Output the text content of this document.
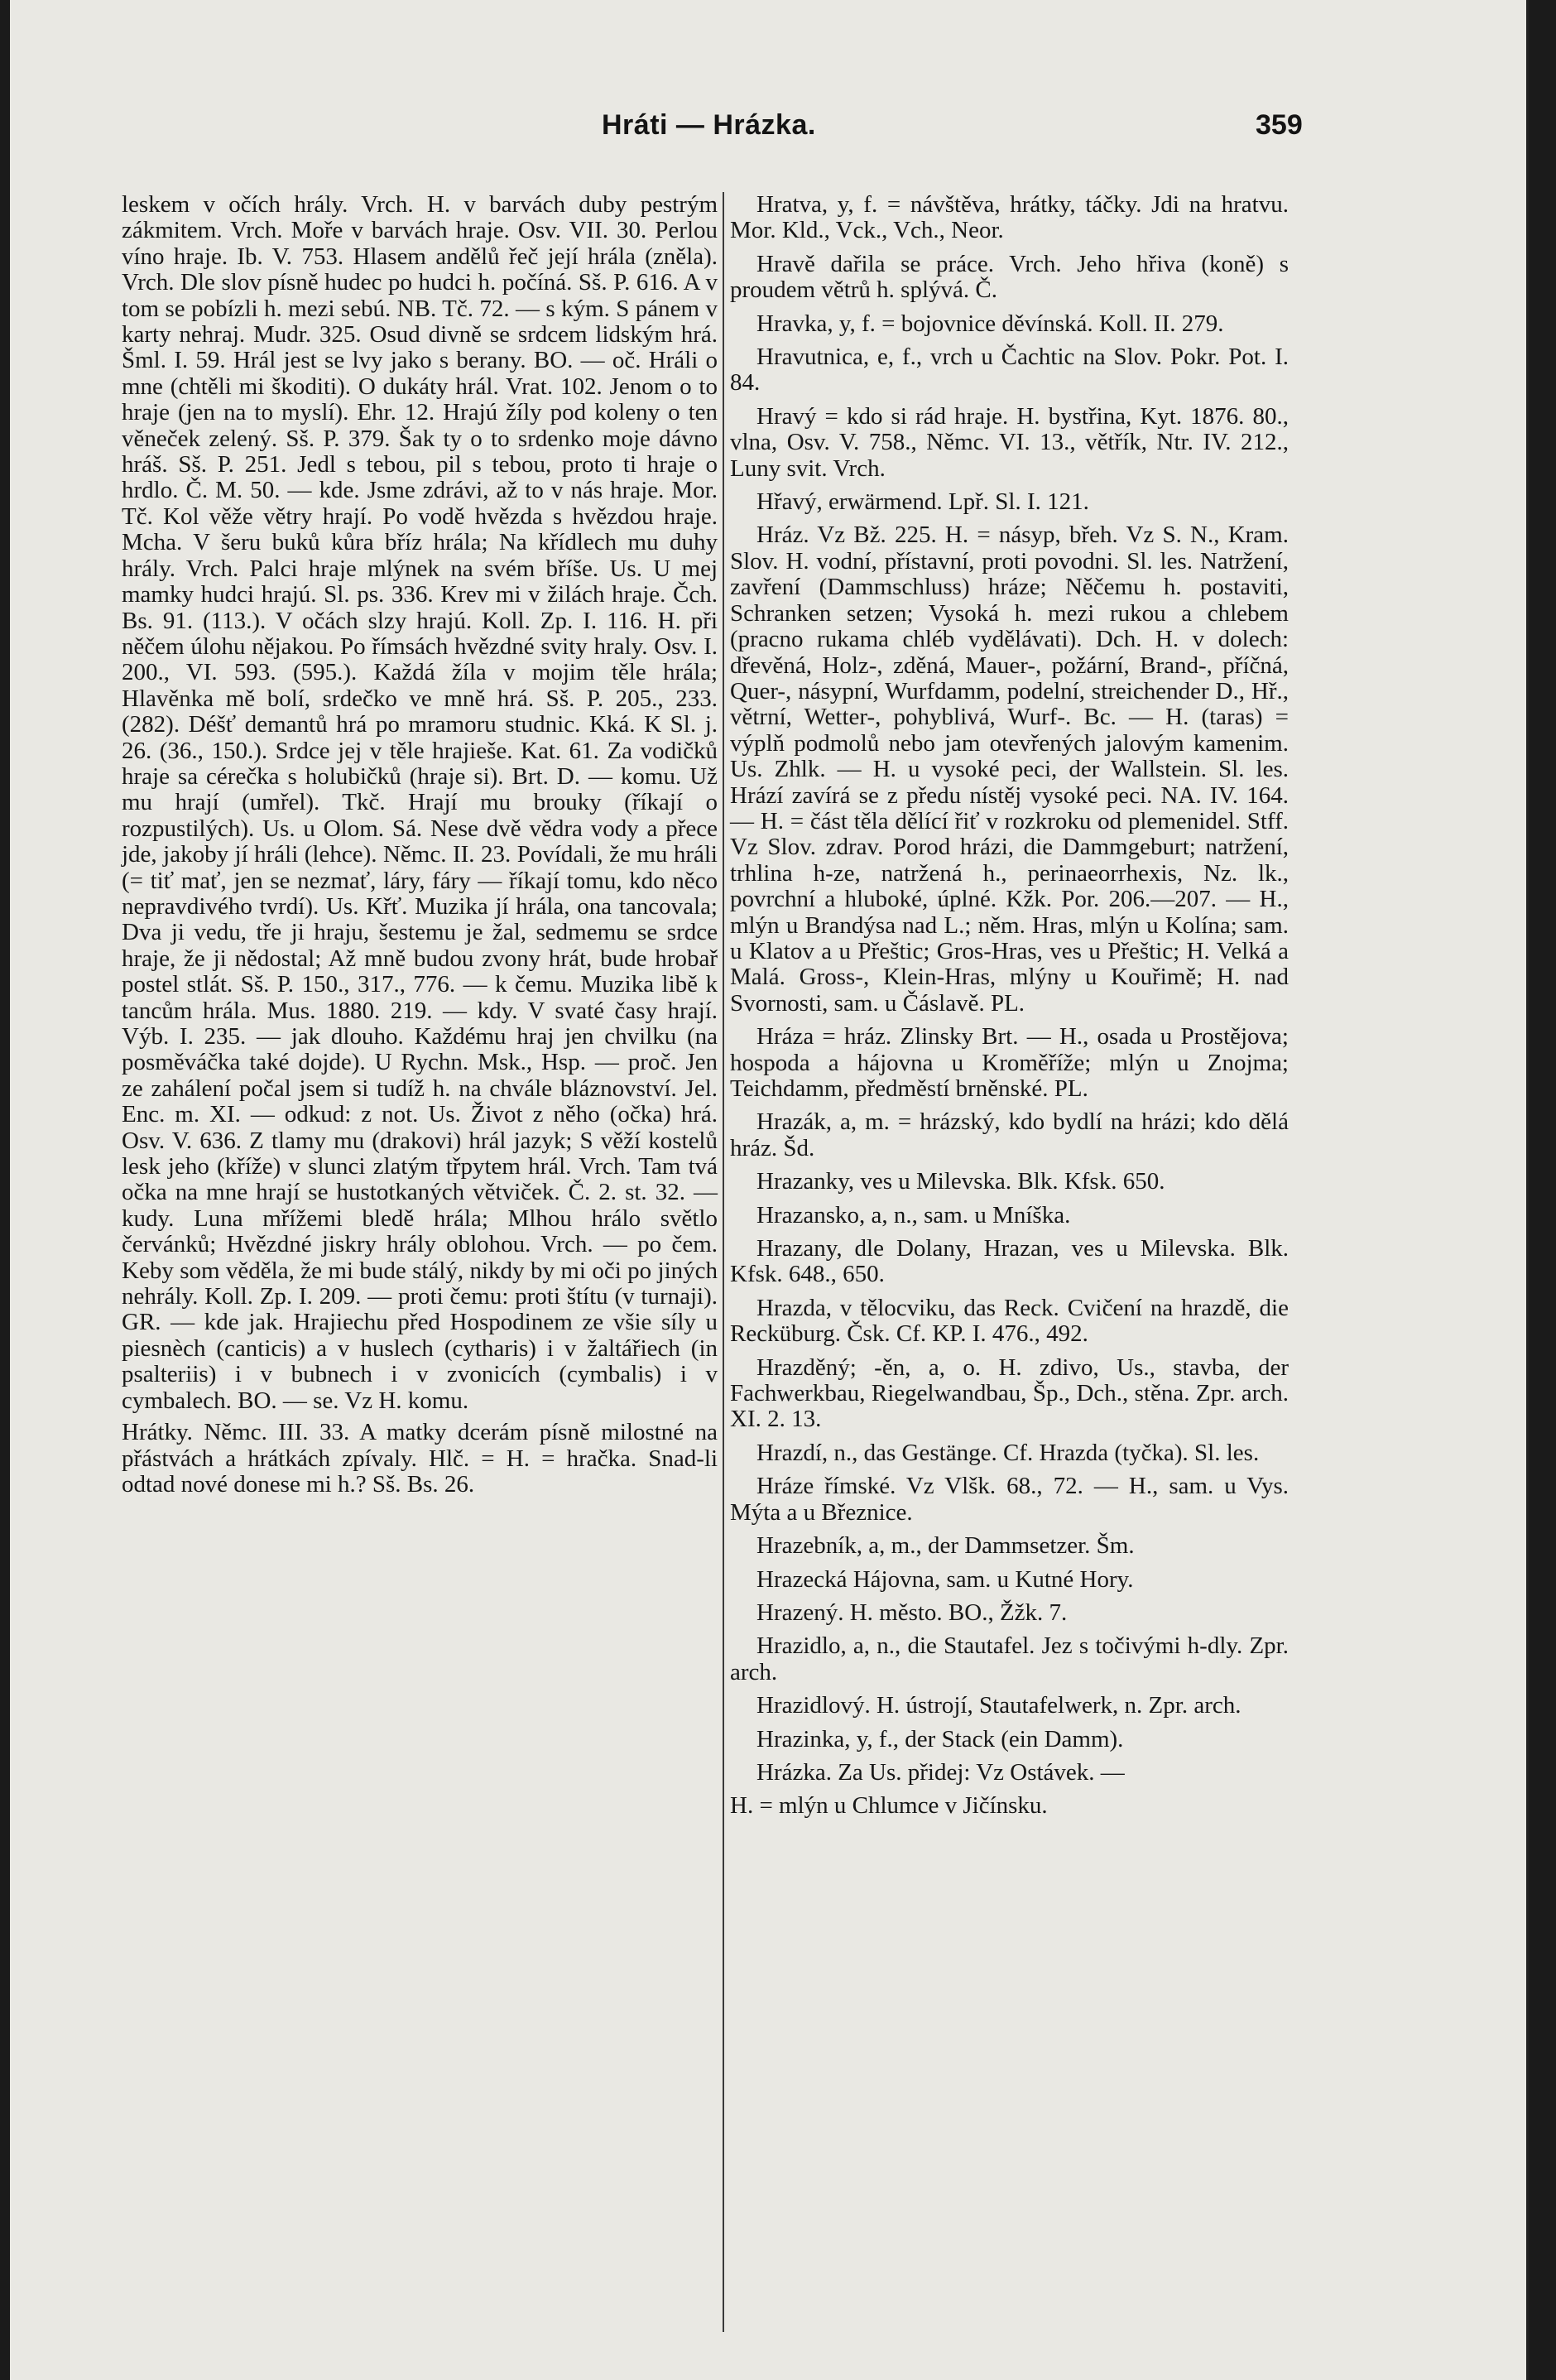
Hráti — Hrázka.	359

leskem v očích hrály. Vrch. H. v barvách duby pestrým zákmitem. Vrch. Moře v barvách hraje. Osv. VII. 30. Perlou víno hraje. Ib. V. 753. Hlasem andělů řeč její hrála (zněla). Vrch. Dle slov písně hudec po hudci h. počíná. Sš. P. 616. A v tom se pobízli h. mezi sebú. NB. Tč. 72. — s kým. S pánem v karty nehraj. Mudr. 325. Osud divně se srdcem lidským hrá. Šml. I. 59. Hrál jest se lvy jako s berany. BO. — oč. Hráli o mne (chtěli mi škoditi). O dukáty hrál. Vrat. 102. Jenom o to hraje (jen na to myslí). Ehr. 12. Hrajú žíly pod koleny o ten věneček zelený. Sš. P. 379. Šak ty o to srdenko moje dávno hráš. Sš. P. 251. Jedl s tebou, pil s tebou, proto ti hraje o hrdlo. Č. M. 50. — kde. Jsme zdrávi, až to v nás hraje. Mor. Tč. Kol věže větry hrají. Po vodě hvězda s hvězdou hraje. Mcha. V šeru buků kůra bříz hrála; Na křídlech mu duhy hrály. Vrch. Palci hraje mlýnek na svém bříše. Us. U mej mamky hudci hrajú. Sl. ps. 336. Krev mi v žilách hraje. Čch. Bs. 91. (113.). V očách slzy hrajú. Koll. Zp. I. 116. H. při něčem úlohu nějakou. Po římsách hvězdné svity hraly. Osv. I. 200., VI. 593. (595.). Každá žíla v mojim těle hrála; Hlavěnka mě bolí, srdečko ve mně hrá. Sš. P. 205., 233. (282). Déšť demantů hrá po mramoru studnic. Kká. K Sl. j. 26. (36., 150.). Srdce jej v těle hrajieše. Kat. 61. Za vodičků hraje sa cérečka s holubičků (hraje si). Brt. D. — komu. Už mu hrají (umřel). Tkč. Hrají mu brouky (říkají o rozpustilých). Us. u Olom. Sá. Nese dvě vědra vody a přece jde, jakoby jí hráli (lehce). Němc. II. 23. Povídali, že mu hráli (= tiť mať, jen se nezmať, láry, fáry — říkají tomu, kdo něco nepravdivého tvrdí). Us. Křť. Muzika jí hrála, ona tancovala; Dva ji vedu, tře ji hraju, šestemu je žal, sedmemu se srdce hraje, že ji nědostal; Až mně budou zvony hrát, bude hrobař postel stlát. Sš. P. 150., 317., 776. — k čemu. Muzika libě k tancům hrála. Mus. 1880. 219. — kdy. V svaté časy hrají. Výb. I. 235. — jak dlouho. Každému hraj jen chvilku (na posměváčka také dojde). U Rychn. Msk., Hsp. — proč. Jen ze zahálení počal jsem si tudíž h. na chvále bláznovství. Jel. Enc. m. XI. — odkud: z not. Us. Život z něho (očka) hrá. Osv. V. 636. Z tlamy mu (drakovi) hrál jazyk; S věží kostelů lesk jeho (kříže) v slunci zlatým třpytem hrál. Vrch. Tam tvá očka na mne hrají se hustotkaných větviček. Č. 2. st. 32. — kudy. Luna mřížemi bledě hrála; Mlhou hrálo světlo červánků; Hvězdné jiskry hrály oblohou. Vrch. — po čem. Keby som věděla, že mi bude stálý, nikdy by mi oči po jiných nehrály. Koll. Zp. I. 209. — proti čemu: proti štítu (v turnaji). GR. — kde jak. Hrajiechu před Hospodinem ze všie síly u piesnèch (canticis) a v huslech (cytharis) i v žaltářiech (in psalteriis) i v bubnech i v zvonicích (cymbalis) i v cymbalech. BO. — se. Vz H. komu.

Hrátky. Němc. III. 33. A matky dcerám písně milostné na přástvách a hrátkách zpívaly. Hlč. = H. = hračka. Snad-li odtad nové donese mi h.? Sš. Bs. 26.

Hratva, y, f. = návštěva, hrátky, táčky. Jdi na hratvu. Mor. Kld., Vck., Vch., Neor.

Hravě dařila se práce. Vrch. Jeho hřiva (koně) s proudem větrů h. splývá. Č.

Hravka, y, f. = bojovnice děvínská. Koll. II. 279.

Hravutnica, e, f., vrch u Čachtic na Slov. Pokr. Pot. I. 84.

Hravý = kdo si rád hraje. H. bystřina, Kyt. 1876. 80., vlna, Osv. V. 758., Němc. VI. 13., větřík, Ntr. IV. 212., Luny svit. Vrch.

Hřavý, erwärmend. Lpř. Sl. I. 121.

Hráz. Vz Bž. 225. H. = násyp, břeh. Vz S. N., Kram. Slov. H. vodní, přístavní, proti povodni. Sl. les. Natržení, zavření (Dammschluss) hráze; Něčemu h. postaviti, Schranken setzen; Vysoká h. mezi rukou a chlebem (pracno rukama chléb vydělávati). Dch. H. v dolech: dřevěná, Holz-, zděná, Mauer-, požární, Brand-, příčná, Quer-, násypní, Wurfdamm, podelní, streichender D., Hř., větrní, Wetter-, pohyblivá, Wurf-. Bc. — H. (taras) = výplň podmolů nebo jam otevřených jalovým kamenim. Us. Zhlk. — H. u vysoké peci, der Wallstein. Sl. les. Hrází zavírá se z předu nístěj vysoké peci. NA. IV. 164. — H. = část těla dělící řiť v rozkroku od plemenidel. Stff. Vz Slov. zdrav. Porod hrázi, die Dammgeburt; natržení, trhlina h-ze, natržená h., perinaeorrhexis, Nz. lk., povrchní a hluboké, úplné. Kžk. Por. 206.—207. — H., mlýn u Brandýsa nad L.; něm. Hras, mlýn u Kolína; sam. u Klatov a u Přeštic; Gros-Hras, ves u Přeštic; H. Velká a Malá. Gross-, Klein-Hras, mlýny u Kouřimě; H. nad Svornosti, sam. u Čáslavě. PL.

Hráza = hráz. Zlinsky Brt. — H., osada u Prostějova; hospoda a hájovna u Kroměříže; mlýn u Znojma; Teichdamm, předměstí brněnské. PL.

Hrazák, a, m. = hrázský, kdo bydlí na hrázi; kdo dělá hráz. Šd.

Hrazanky, ves u Milevska. Blk. Kfsk. 650.

Hrazansko, a, n., sam. u Mníška.

Hrazany, dle Dolany, Hrazan, ves u Milevska. Blk. Kfsk. 648., 650.

Hrazda, v tělocviku, das Reck. Cvičení na hrazdě, die Recküburg. Čsk. Cf. KP. I. 476., 492.

Hrazděný; -ěn, a, o. H. zdivo, Us., stavba, der Fachwerkbau, Riegelwandbau, Šp., Dch., stěna. Zpr. arch. XI. 2. 13.

Hrazdí, n., das Gestänge. Cf. Hrazda (tyčka). Sl. les.

Hráze římské. Vz Vlšk. 68., 72. — H., sam. u Vys. Mýta a u Březnice.

Hrazebník, a, m., der Dammsetzer. Šm.

Hrazecká Hájovna, sam. u Kutné Hory.

Hrazený. H. město. BO., Žžk. 7.

Hrazidlo, a, n., die Stautafel. Jez s točivými h-dly. Zpr. arch.

Hrazidlový. H. ústrojí, Stautafelwerk, n. Zpr. arch.

Hrazinka, y, f., der Stack (ein Damm).

Hrázka. Za Us. přidej: Vz Ostávek. —

H. = mlýn u Chlumce v Jičínsku.
